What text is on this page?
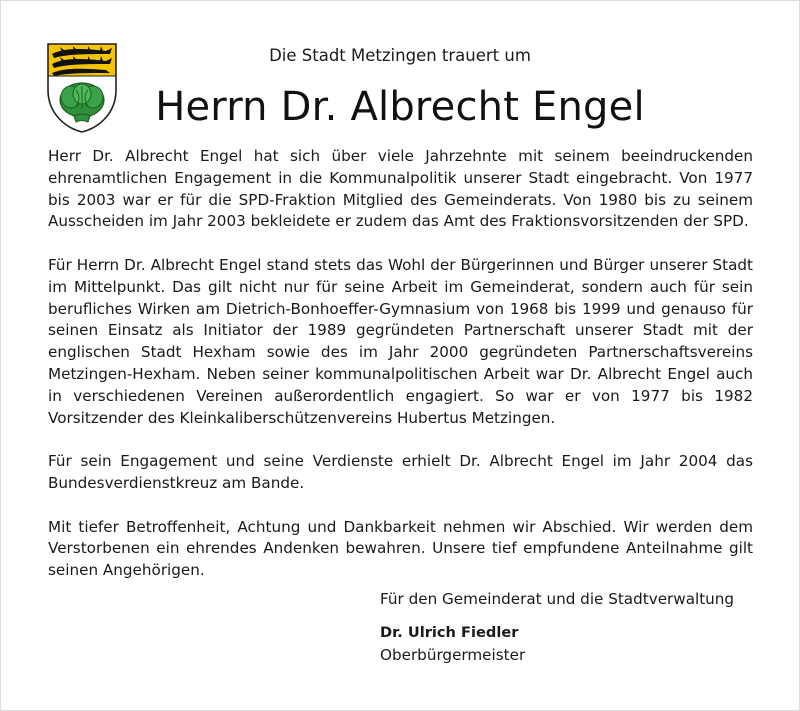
Die Stadt Metzingen trauert um
Herrn Dr. Albrecht Engel

Herr Dr. Albrecht Engel hat sich über viele Jahrzehnte mit seinem beeindruckenden ehrenamtlichen Engagement in die Kommunalpolitik unserer Stadt eingebracht. Von 1977 bis 2003 war er für die SPD-Fraktion Mitglied des Gemeinderats. Von 1980 bis zu seinem Ausscheiden im Jahr 2003 bekleidete er zudem das Amt des Fraktionsvorsitzenden der SPD.

Für Herrn Dr. Albrecht Engel stand stets das Wohl der Bürgerinnen und Bürger unserer Stadt im Mittelpunkt. Das gilt nicht nur für seine Arbeit im Gemeinderat, sondern auch für sein berufliches Wirken am Dietrich-Bonhoeffer-Gymnasium von 1968 bis 1999 und genauso für seinen Einsatz als Initiator der 1989 gegründeten Partnerschaft unserer Stadt mit der englischen Stadt Hexham sowie des im Jahr 2000 gegründeten Partnerschaftsvereins Metzingen-Hexham. Neben seiner kommunalpolitischen Arbeit war Dr. Albrecht Engel auch in verschiedenen Vereinen außerordentlich engagiert. So war er von 1977 bis 1982 Vorsitzender des Kleinkaliberschützenvereins Hubertus Metzingen.

Für sein Engagement und seine Verdienste erhielt Dr. Albrecht Engel im Jahr 2004 das Bundesverdienstkreuz am Bande.

Mit tiefer Betroffenheit, Achtung und Dankbarkeit nehmen wir Abschied. Wir werden dem Verstorbenen ein ehrendes Andenken bewahren. Unsere tief empfundene Anteilnahme gilt seinen Angehörigen.

Für den Gemeinderat und die Stadtverwaltung
Dr. Ulrich Fiedler
Oberbürgermeister
